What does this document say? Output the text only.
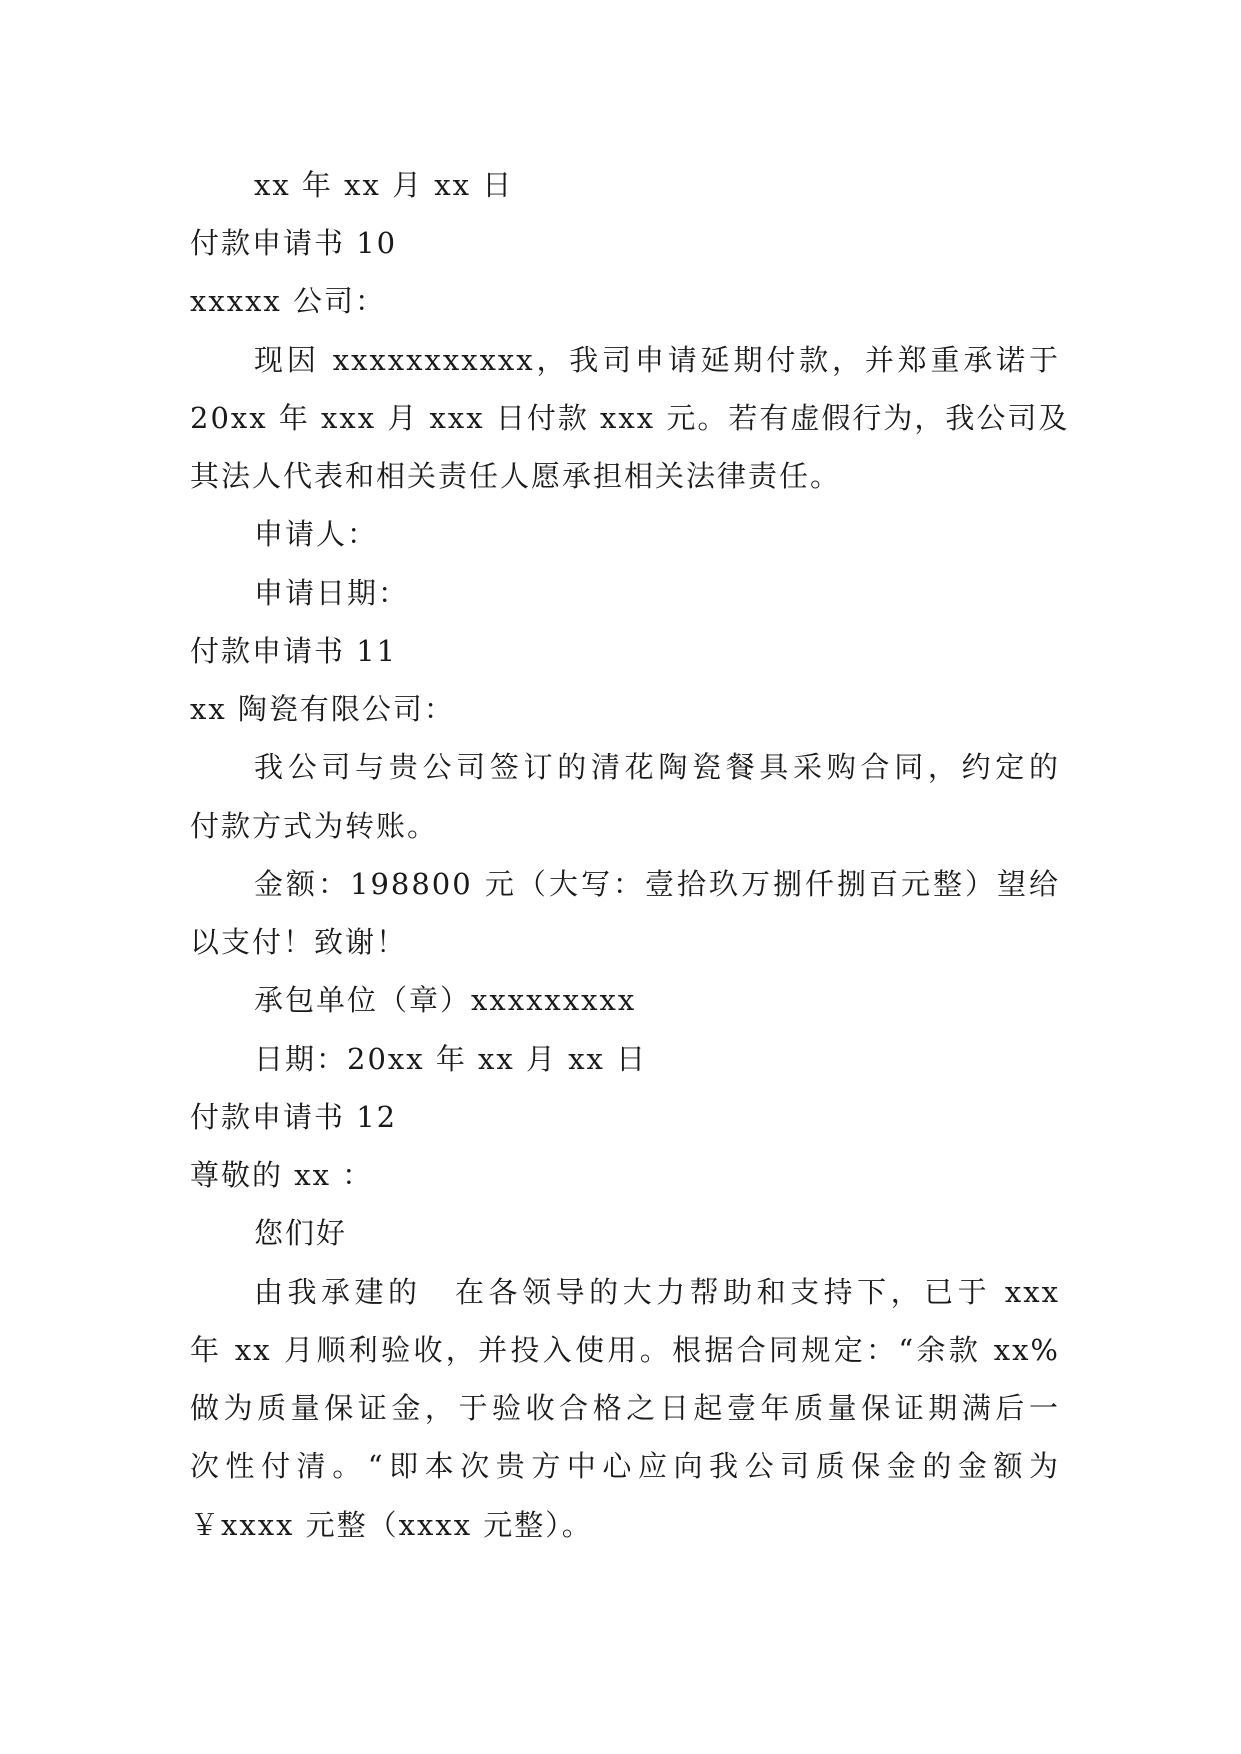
xx 年 xx 月 xx 日
付款申请书 10
xxxxx 公司：
现因 xxxxxxxxxxx，我司申请延期付款，并郑重承诺于
20xx 年 xxx 月 xxx 日付款 xxx 元。若有虚假行为，我公司及
其法人代表和相关责任人愿承担相关法律责任。
申请人：
申请日期：
付款申请书 11
xx 陶瓷有限公司：
我公司与贵公司签订的清花陶瓷餐具采购合同，约定的
付款方式为转账。
金额：198800 元（大写：壹拾玖万捌仟捌百元整）望给
以支付！致谢！
承包单位（章）xxxxxxxxx
日期：20xx 年 xx 月 xx 日
付款申请书 12
尊敬的 xx ：
您们好
由我承建的　在各领导的大力帮助和支持下，已于 xxx
年 xx 月顺利验收，并投入使用。根据合同规定：“余款 xx%
做为质量保证金，于验收合格之日起壹年质量保证期满后一
次性付清。“即本次贵方中心应向我公司质保金的金额为
￥xxxx 元整（xxxx 元整）。
